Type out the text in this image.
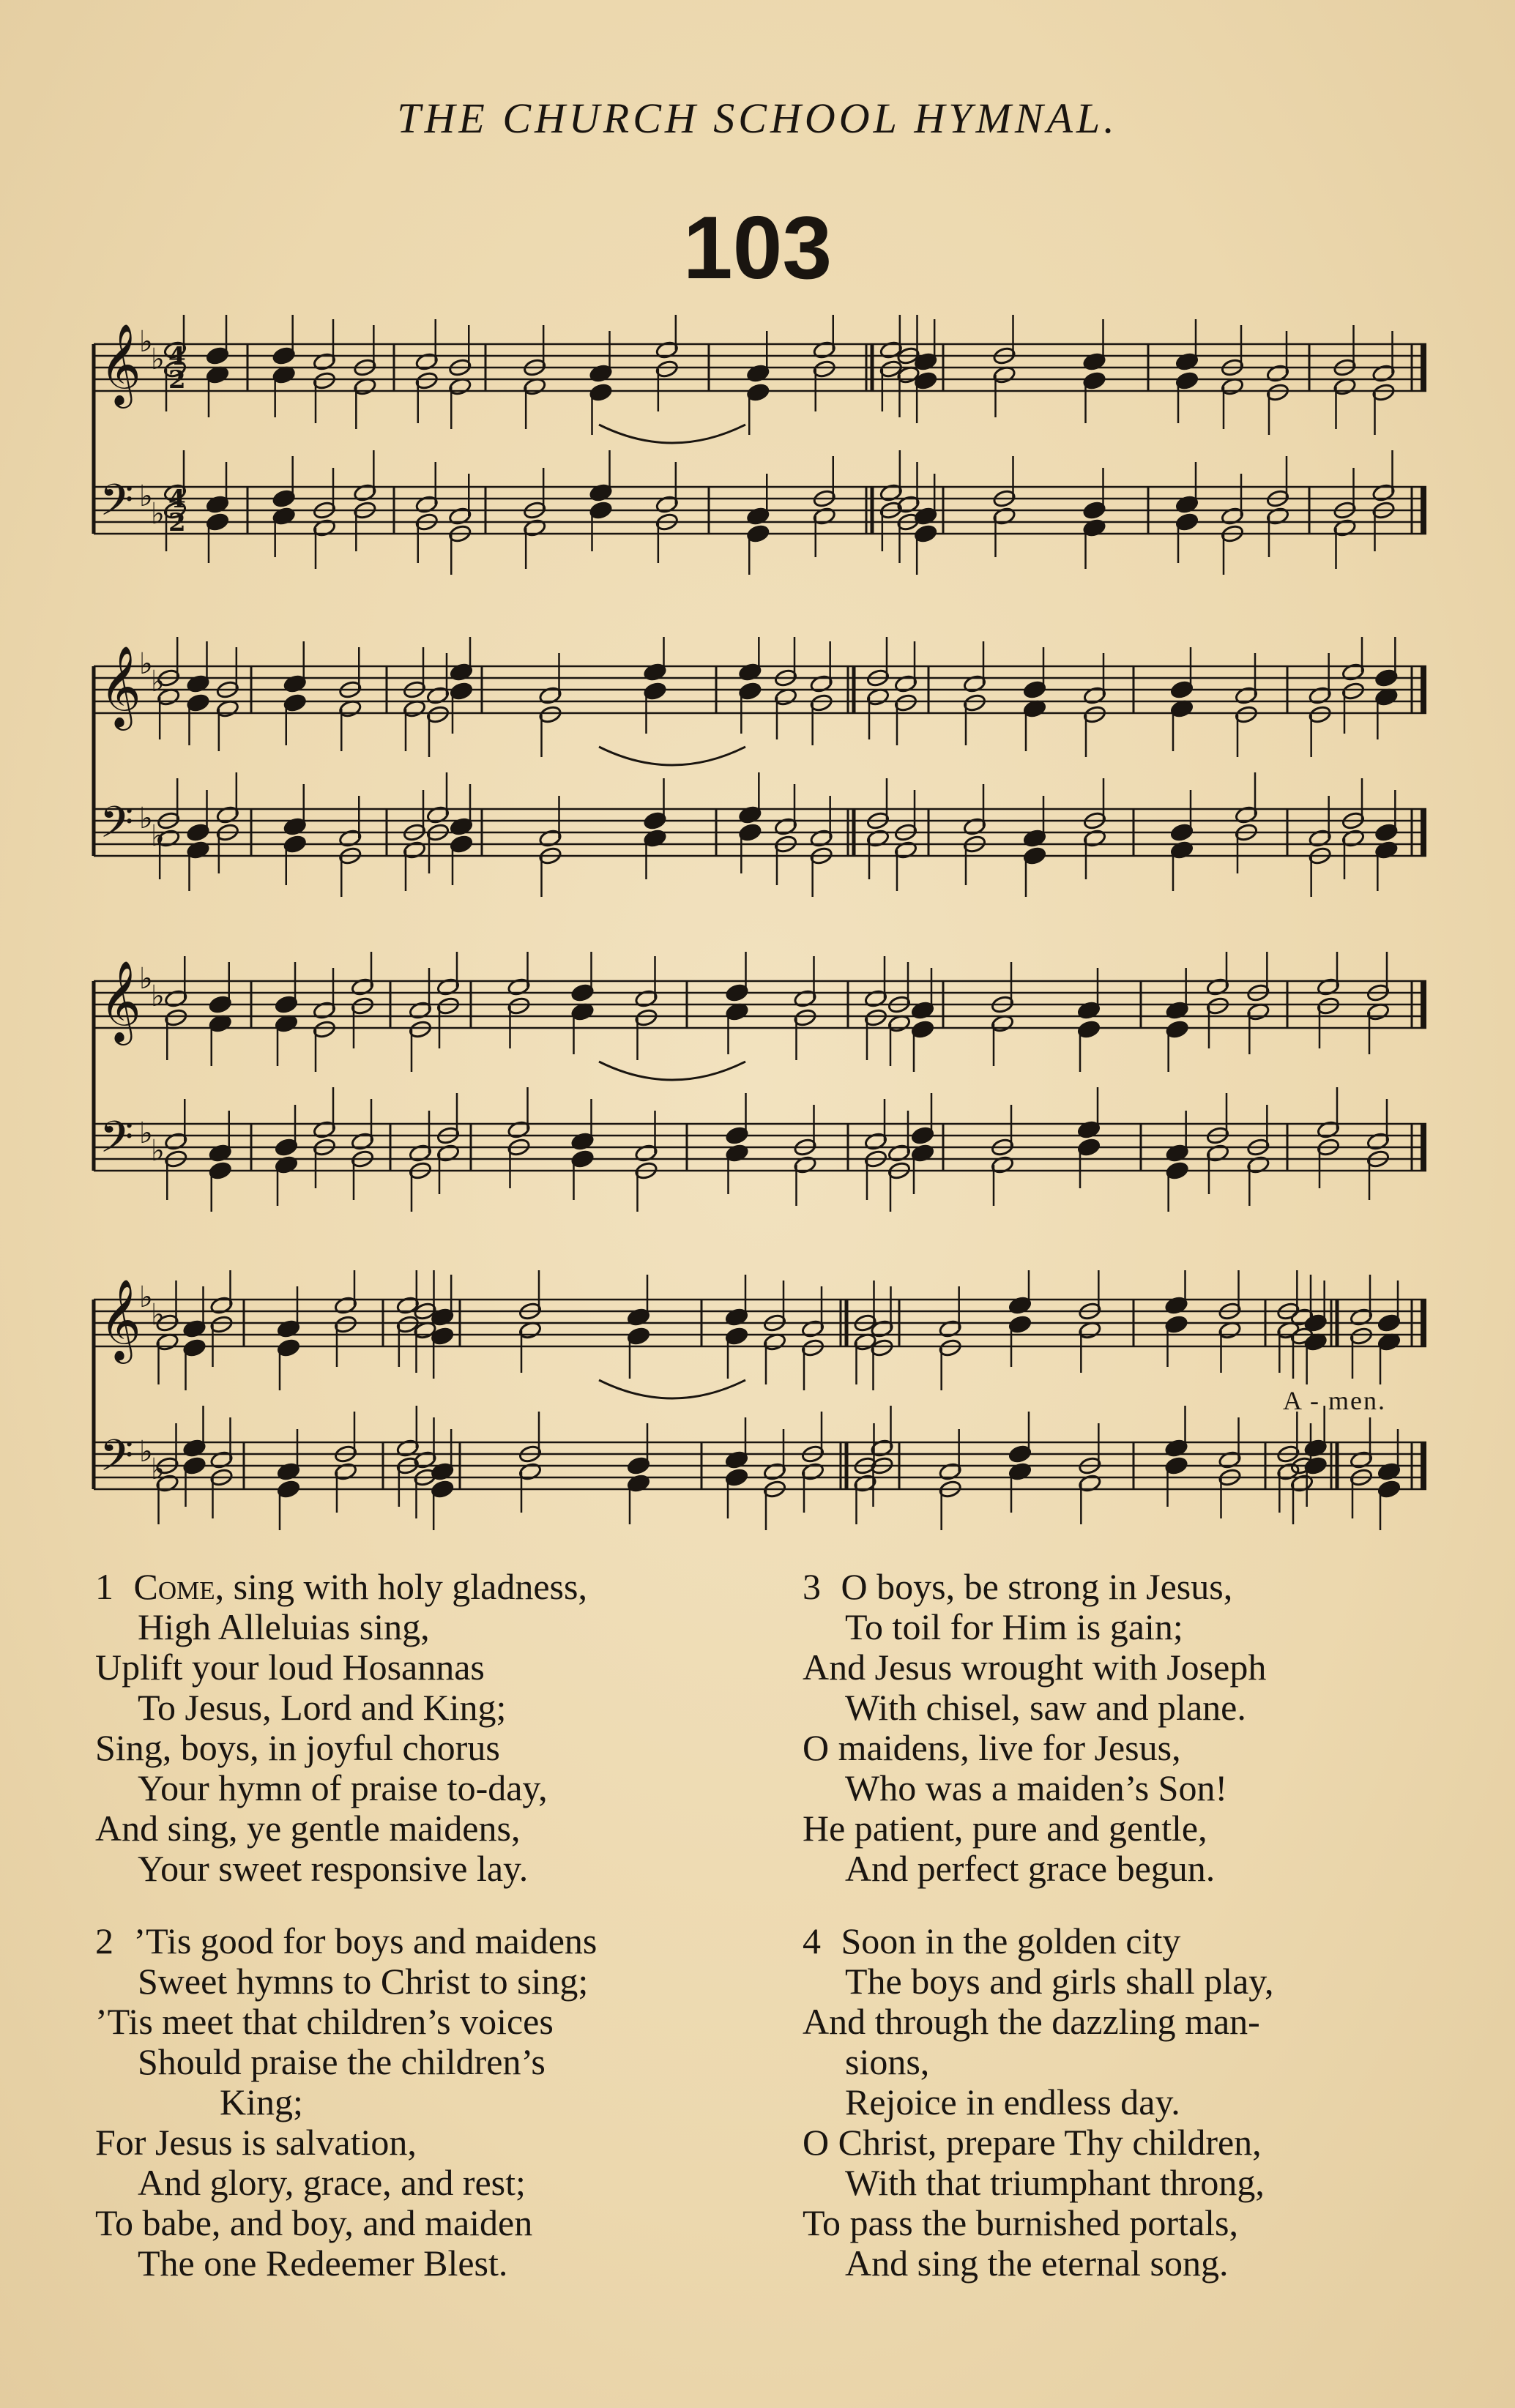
THE CHURCH SCHOOL HYMNAL.
103
𝄞
𝄢
♭
♭
♭
♭
4
2
4
2
𝄞
𝄢
♭
♭
♭
♭
𝄞
𝄢
♭
♭
♭
♭
𝄞
𝄢
♭
♭
♭
♭
A - men.
1 Come, sing with holy gladness,
High Alleluias sing,
Uplift your loud Hosannas
To Jesus, Lord and King;
Sing, boys, in joyful chorus
Your hymn of praise to-day,
And sing, ye gentle maidens,
Your sweet responsive lay.
2
’Tis good for boys and maidens
Sweet hymns to Christ to sing;
’Tis meet that children’s voices
Should praise the children’s
King;
For Jesus is salvation,
And glory, grace, and rest;
To babe, and boy, and maiden
The one Redeemer Blest.
3
O boys, be strong in Jesus,
To toil for Him is gain;
And Jesus wrought with Joseph
With chisel, saw and plane.
O maidens, live for Jesus,
Who was a maiden’s Son!
He patient, pure and gentle,
And perfect grace begun.
4
Soon in the golden city
The boys and girls shall play,
And through the dazzling man-
sions,
Rejoice in endless day.
O Christ, prepare Thy children,
With that triumphant throng,
To pass the burnished portals,
And sing the eternal song.
